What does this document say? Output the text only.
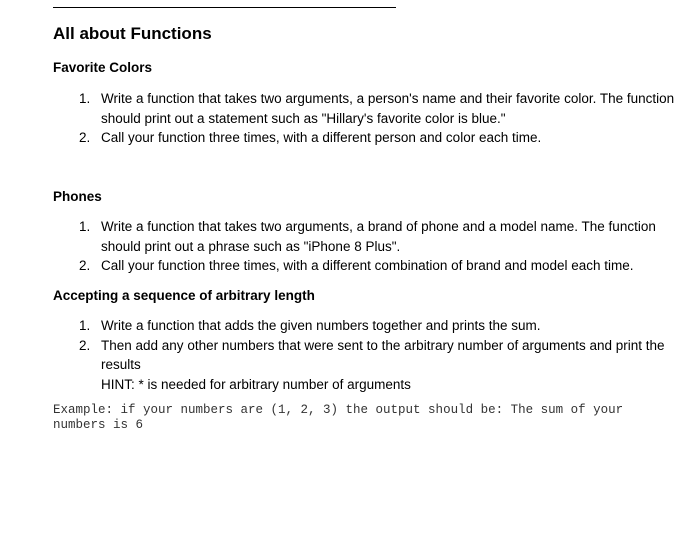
All about Functions
Favorite Colors
1. Write a function that takes two arguments, a person's name and their favorite color. The function should print out a statement such as "Hillary's favorite color is blue."
2. Call your function three times, with a different person and color each time.
Phones
1. Write a function that takes two arguments, a brand of phone and a model name. The function should print out a phrase such as "iPhone 8 Plus".
2. Call your function three times, with a different combination of brand and model each time.
Accepting a sequence of arbitrary length
1. Write a function that adds the given numbers together and prints the sum.
2. Then add any other numbers that were sent to the arbitrary number of arguments and print the results
HINT: * is needed for arbitrary number of arguments

Example: if your numbers are (1, 2, 3) the output should be: The sum of your numbers is 6
